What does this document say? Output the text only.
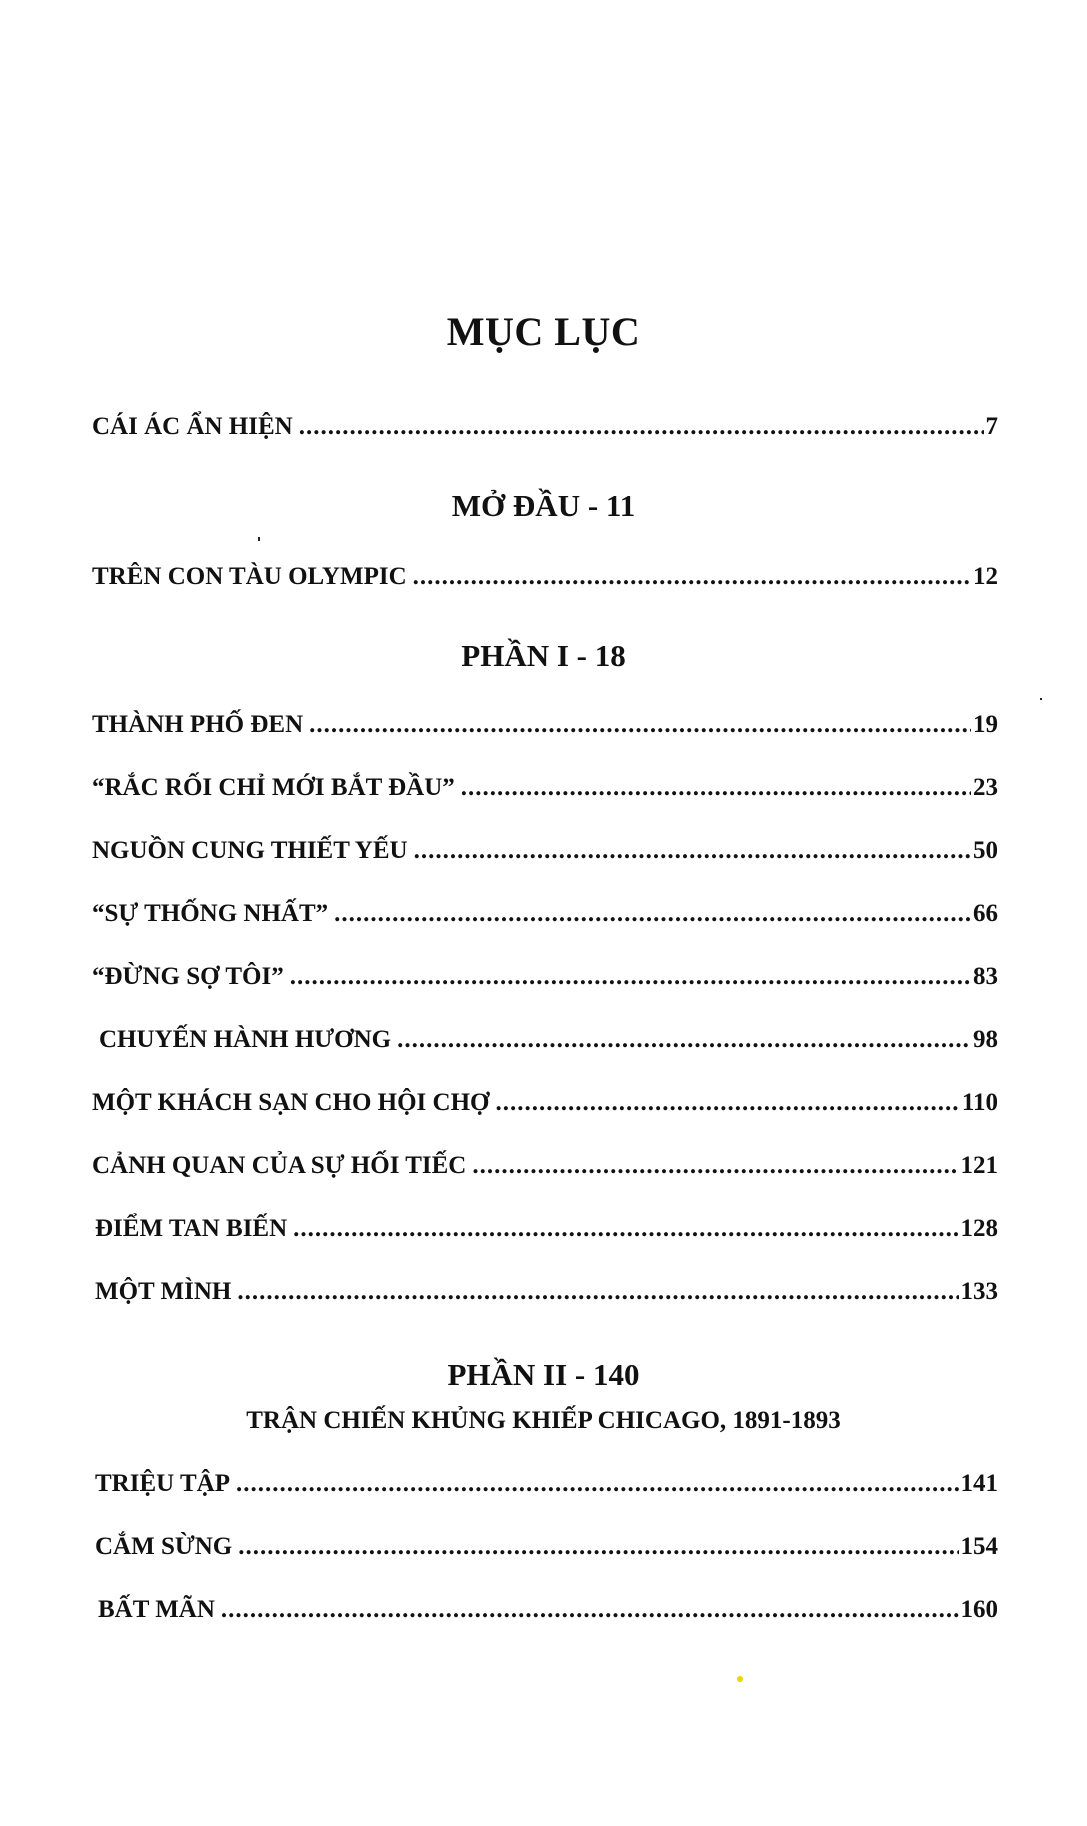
MỤC LỤC
CÁI ÁC ẨN HIỆN .....	7
MỞ ĐẦU - 11
TRÊN CON TÀU OLYMPIC .....	12
PHẦN I - 18
THÀNH PHỐ ĐEN .....	19
“RẮC RỐI CHỈ MỚI BẮT ĐẦU” .....	23
NGUỒN CUNG THIẾT YẾU .....	50
“SỰ THỐNG NHẤT” .....	66
“ĐỪNG SỢ TÔI” .....	83
CHUYẾN HÀNH HƯƠNG .....	98
MỘT KHÁCH SẠN CHO HỘI CHỢ .....	110
CẢNH QUAN CỦA SỰ HỐI TIẾC .....	121
ĐIỂM TAN BIẾN .....	128
MỘT MÌNH .....	133
PHẦN II - 140
TRẬN CHIẾN KHỦNG KHIẾP CHICAGO, 1891-1893
TRIỆU TẬP .....	141
CẮM SỪNG .....	154
BẤT MÃN .....	160
